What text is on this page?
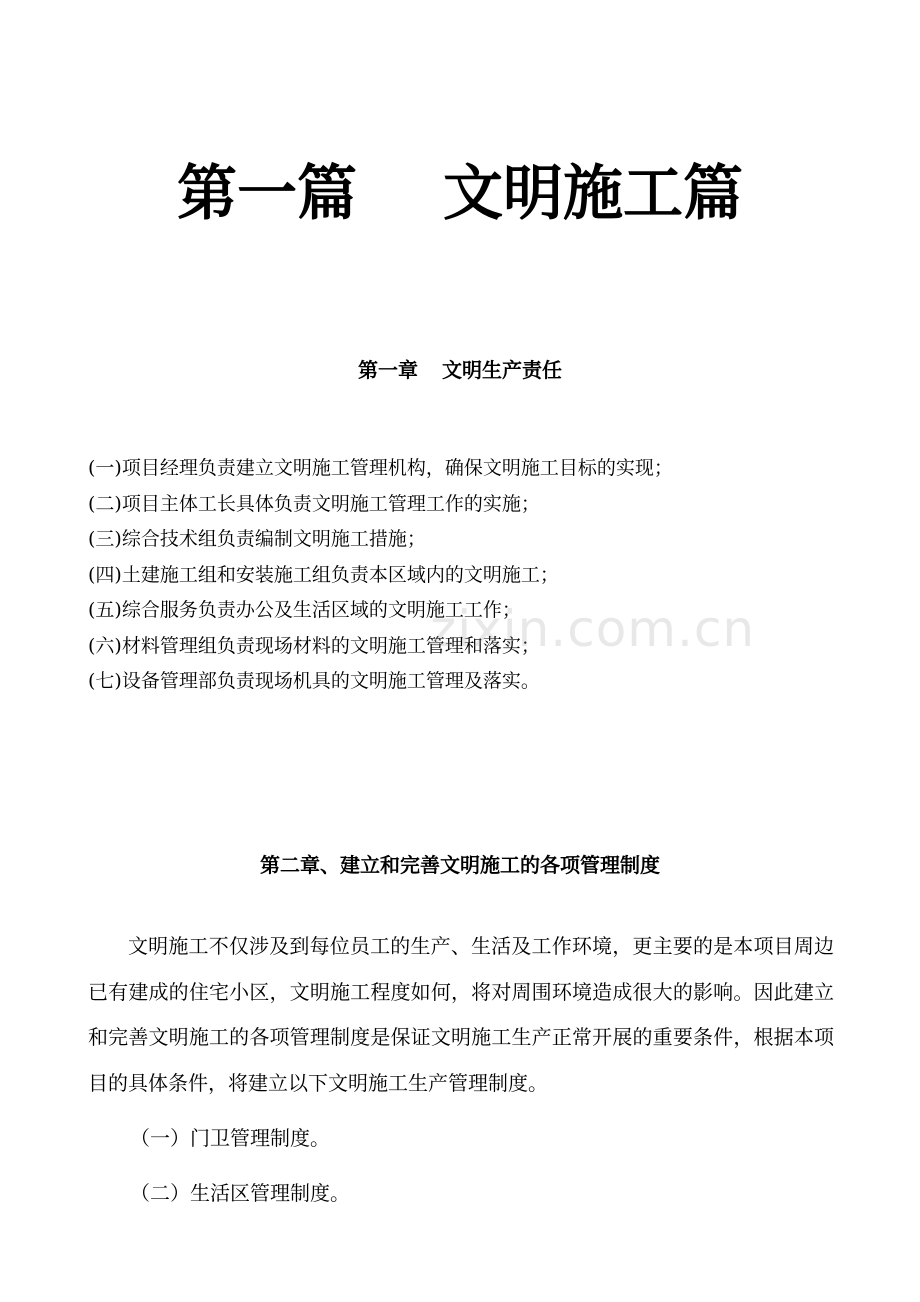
第一篇 文明施工篇
第一章 文明生产责任
(一)项目经理负责建立文明施工管理机构，确保文明施工目标的实现；
(二)项目主体工长具体负责文明施工管理工作的实施；
(三)综合技术组负责编制文明施工措施；
(四)土建施工组和安装施工组负责本区域内的文明施工；
(五)综合服务负责办公及生活区域的文明施工工作；
(六)材料管理组负责现场材料的文明施工管理和落实；
(七)设备管理部负责现场机具的文明施工管理及落实。
第二章、建立和完善文明施工的各项管理制度

文明施工不仅涉及到每位员工的生产、生活及工作环境，更主要的是本项目周边已有建成的住宅小区，文明施工程度如何，将对周围环境造成很大的影响。因此建立和完善文明施工的各项管理制度是保证文明施工生产正常开展的重要条件，根据本项目的具体条件，将建立以下文明施工生产管理制度。

（一）门卫管理制度。
（二）生活区管理制度。
zixin.com.cn
